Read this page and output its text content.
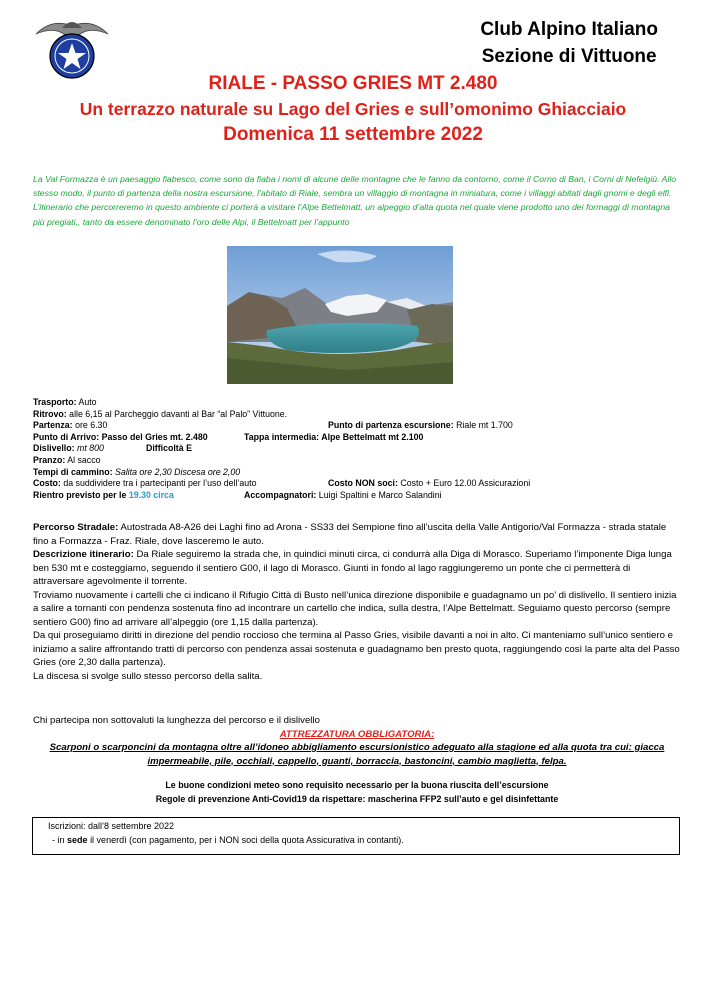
Club Alpino Italiano
Sezione di Vittuone
RIALE - PASSO GRIES MT 2.480
Un terrazzo naturale su Lago del Gries e sull’omonimo Ghiacciaio
Domenica 11 settembre 2022

La Val Formazza è un paesaggio fiabesco, come sono da fiaba i nomi di alcune delle montagne che le fanno da contorno, come il Corno di Ban, i Corni di Nefelgiù. Allo stesso modo, il punto di partenza della nostra escursione, l’abitato di Riale, sembra un villaggio di montagna in miniatura, come i villaggi abitati dagli gnomi e degli elfi.

L’itinerario che percorreremo in questo ambiente ci porterà a visitare l’Alpe Bettelmatt, un alpeggio d’alta quota nel quale viene prodotto uno dei formaggi di montagna più pregiati,, tanto da essere denominato l’oro delle Alpi, il Bettelmatt per l’appunto

Trasporto: Auto
Ritrovo: alle 6,15 al Parcheggio davanti al Bar “al Palo” Vittuone.
Partenza: ore 6.30	Punto di partenza escursione: Riale mt 1.700
Punto di Arrivo: Passo del Gries mt. 2.480	Tappa intermedia: Alpe Bettelmatt mt 2.100
Dislivello: mt 800	Difficoltà E
Pranzo: Al sacco
Tempi di cammino: Salita ore 2,30 Discesa ore 2,00
Costo: da suddividere tra i partecipanti per l’uso dell’auto	Costo NON soci: Costo + Euro 12.00 Assicurazioni
Rientro previsto per le 19.30 circa	Accompagnatori: Luigi Spaltini e Marco Salandini

Percorso Stradale: Autostrada A8-A26 dei Laghi fino ad Arona - SS33 del Sempione fino all’uscita della Valle Antigorio/Val Formazza - strada statale fino a Formazza - Fraz. Riale, dove lasceremo le auto.

Descrizione itinerario: Da Riale seguiremo la strada che, in quindici minuti circa, ci condurrà alla Diga di Morasco. Superiamo l’imponente Diga lunga ben 530 mt e costeggiamo, seguendo il sentiero G00, il lago di Morasco. Giunti in fondo al lago raggiungeremo un ponte che ci permetterà di attraversare agevolmente il torrente.

Troviamo nuovamente i cartelli che ci indicano il Rifugio Città di Busto nell’unica direzione disponibile e guadagnamo un po’ di dislivello. Il sentiero inizia a salire a tornanti con pendenza sostenuta fino ad incontrare un cartello che indica, sulla destra, l’Alpe Bettelmatt. Seguiamo questo percorso (sempre sentiero G00) fino ad arrivare all’alpeggio (ore 1,15 dalla partenza).

Da qui proseguiamo diritti in direzione del pendio roccioso che termina al Passo Gries, visibile davanti a noi in alto. Ci manteniamo sull’unico sentiero e iniziamo a salire affrontando tratti di percorso con pendenza assai sostenuta e guadagnamo ben presto quota, raggiungendo così la parte alta del Passo Gries (ore 2,30 dalla partenza).

La discesa si svolge sullo stesso percorso della salita.

Chi partecipa non sottovaluti la lunghezza del percorso e il dislivello
ATTREZZATURA OBBLIGATORIA:
Scarponi o scarponcini da montagna oltre all’idoneo abbigliamento escursionistico adeguato alla stagione ed alla quota tra cui: giacca impermeabile, pile, occhiali, cappello, guanti, borraccia, bastoncini, cambio maglietta, felpa.
Le buone condizioni meteo sono requisito necessario per la buona riuscita dell’escursione
Regole di prevenzione Anti-Covid19 da rispettare: mascherina FFP2 sull’auto e gel disinfettante
Iscrizioni: dall’8 settembre 2022
- in sede il venerdì (con pagamento, per i NON soci della quota Assicurativa in contanti).
